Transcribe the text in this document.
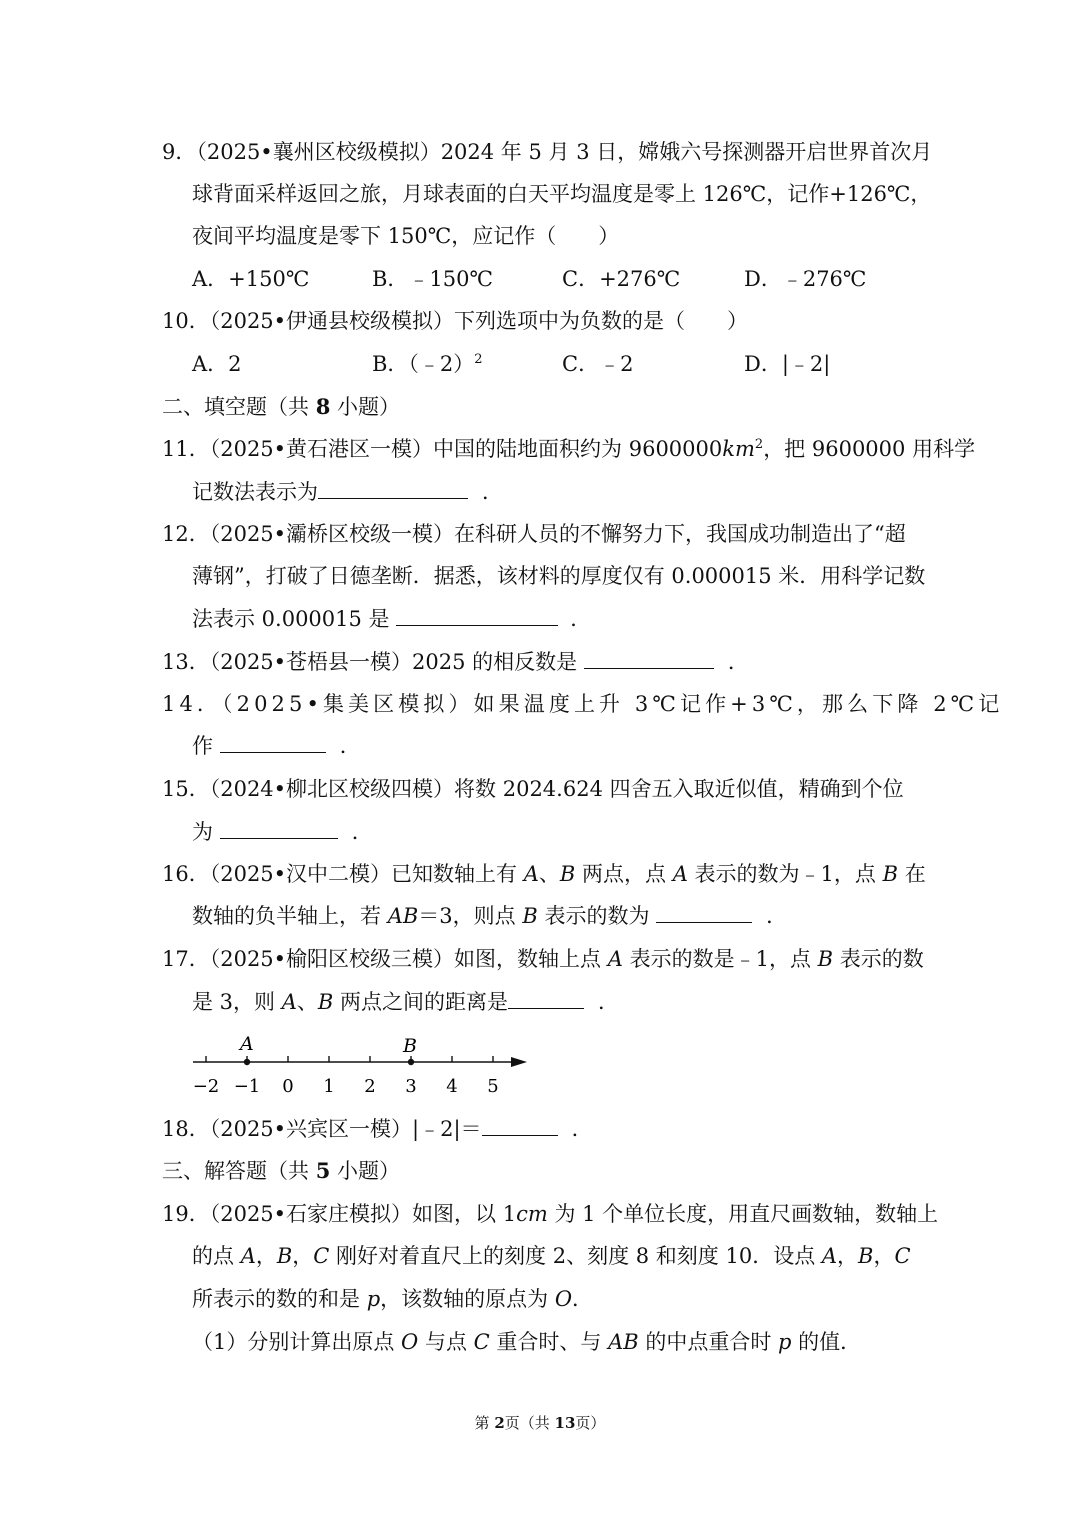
9．（2025•襄州区校级模拟）2024 年 5 月 3 日，嫦娥六号探测器开启世界首次月
球背面采样返回之旅，月球表面的白天平均温度是零上 126℃，记作+126℃，
夜间平均温度是零下 150℃，应记作（　　）
A．+150℃	B．﹣150℃	C．+276℃	D．﹣276℃
10．（2025•伊通县校级模拟）下列选项中为负数的是（　　）
A．2	B．（﹣2）$^2$	C．﹣2	D．|﹣2|
二、填空题（共 8 小题）
11．（2025•黄石港区一模）中国的陆地面积约为 $9600000km^2$，把 9600000 用科学
记数法表示为	．
12．（2025•灞桥区校级一模）在科研人员的不懈努力下，我国成功制造出了“超
薄钢”，打破了日德垄断．据悉，该材料的厚度仅有 0.000015 米．用科学记数
法表示 0.000015 是	．
13．（2025•苍梧县一模）2025 的相反数是	．
14．（2025•集美区模拟）如果温度上升 3℃记作+3℃，那么下降 2℃记
作	．
15．（2024•柳北区校级四模）将数 2024.624 四舍五入取近似值，精确到个位
为	．
16．（2025•汉中二模）已知数轴上有 A、B 两点，点 A 表示的数为﹣1，点 B 在
数轴的负半轴上，若 AB＝3，则点 B 表示的数为	．
17．（2025•榆阳区校级三模）如图，数轴上点 A 表示的数是﹣1，点 B 表示的数
是 3，则 A、B 两点之间的距离是	．
−2 −1 0 1 2 3 4 5
A	B
18．（2025•兴宾区一模）|﹣2|＝	．
三、解答题（共 5 小题）
19．（2025•石家庄模拟）如图，以 1cm 为 1 个单位长度，用直尺画数轴，数轴上
的点 A，B，C 刚好对着直尺上的刻度 2、刻度 8 和刻度 10．设点 A，B，C
所表示的数的和是 p，该数轴的原点为 O．
（1）分别计算出原点 O 与点 C 重合时、与 AB 的中点重合时 p 的值．
第 2页（共 13页）
